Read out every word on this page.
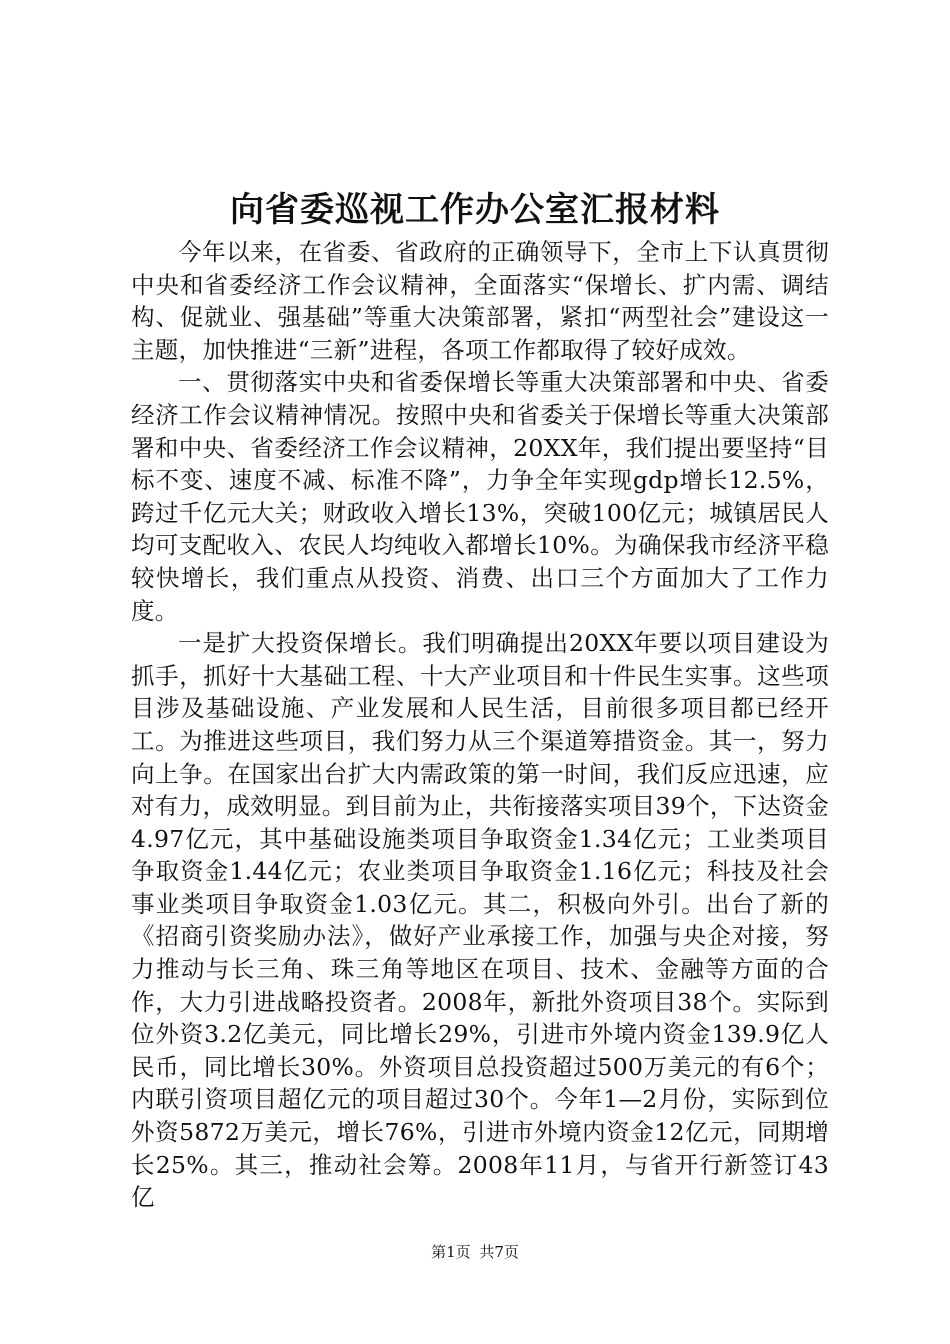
向省委巡视工作办公室汇报材料

今年以来，在省委、省政府的正确领导下，全市上下认真贯彻中央和省委经济工作会议精神，全面落实“保增长、扩内需、调结构、促就业、强基础”等重大决策部署，紧扣“两型社会”建设这一主题，加快推进“三新”进程，各项工作都取得了较好成效。

一、贯彻落实中央和省委保增长等重大决策部署和中央、省委经济工作会议精神情况。按照中央和省委关于保增长等重大决策部署和中央、省委经济工作会议精神，20XX年，我们提出要坚持“目标不变、速度不减、标准不降”，力争全年实现gdp增长12.5%，跨过千亿元大关；财政收入增长13%，突破100亿元；城镇居民人均可支配收入、农民人均纯收入都增长10%。为确保我市经济平稳较快增长，我们重点从投资、消费、出口三个方面加大了工作力度。

一是扩大投资保增长。我们明确提出20XX年要以项目建设为抓手，抓好十大基础工程、十大产业项目和十件民生实事。这些项目涉及基础设施、产业发展和人民生活，目前很多项目都已经开工。为推进这些项目，我们努力从三个渠道筹措资金。其一，努力向上争。在国家出台扩大内需政策的第一时间，我们反应迅速，应对有力，成效明显。到目前为止，共衔接落实项目39个，下达资金4.97亿元，其中基础设施类项目争取资金1.34亿元；工业类项目争取资金1.44亿元；农业类项目争取资金1.16亿元；科技及社会事业类项目争取资金1.03亿元。其二，积极向外引。出台了新的《招商引资奖励办法》，做好产业承接工作，加强与央企对接，努力推动与长三角、珠三角等地区在项目、技术、金融等方面的合作，大力引进战略投资者。2008年，新批外资项目38个。实际到位外资3.2亿美元，同比增长29%，引进市外境内资金139.9亿人民币，同比增长30%。外资项目总投资超过500万美元的有6个；内联引资项目超亿元的项目超过30个。今年1—2月份，实际到位外资5872万美元，增长76%，引进市外境内资金12亿元，同期增长25%。其三，推动社会筹。2008年11月，与省开行新签订43亿

第1页 共7页
